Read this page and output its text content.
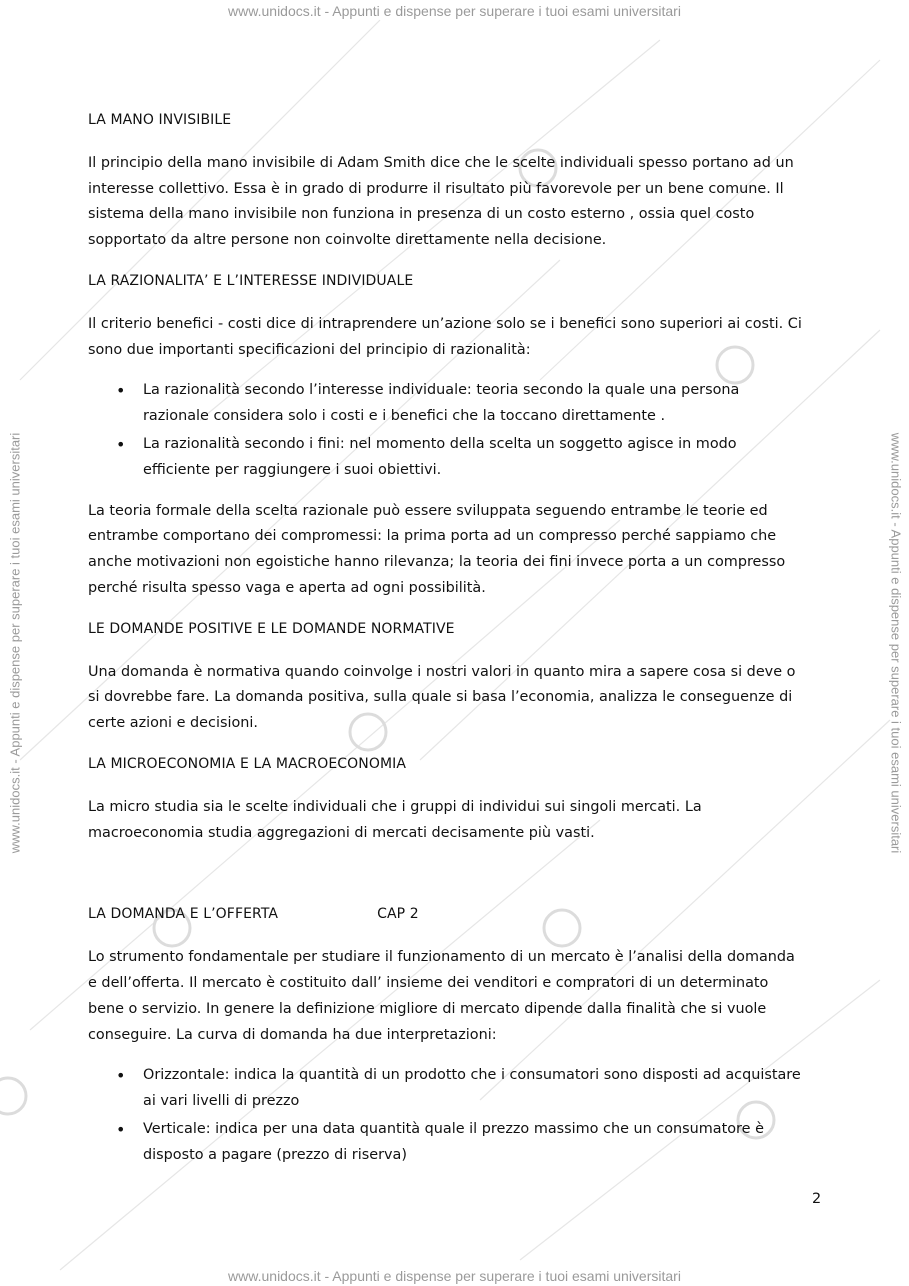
www.unidocs.it - Appunti e dispense per superare i tuoi esami universitari
www.unidocs.it - Appunti e dispense per superare i tuoi esami universitari
www.unidocs.it - Appunti e dispense per superare i tuoi esami universitari	www.unidocs.it - Appunti e dispense per superare i tuoi esami universitari
LA MANO INVISIBILE
Il principio della mano invisibile di Adam Smith dice che le scelte individuali spesso portano ad un
interesse collettivo. Essa è in grado di produrre il risultato più favorevole per un bene comune. Il
sistema della mano invisibile non funziona in presenza di un costo esterno , ossia quel costo
sopportato da altre persone non coinvolte direttamente nella decisione.
LA RAZIONALITA’ E L’INTERESSE INDIVIDUALE
Il criterio benefici - costi dice di intraprendere un’azione solo se i benefici sono superiori ai costi. Ci
sono due importanti specificazioni del principio di razionalità:
• La razionalità secondo l’interesse individuale: teoria secondo la quale una persona
razionale considera solo i costi e i benefici che la toccano direttamente .
• La razionalità secondo i fini: nel momento della scelta un soggetto agisce in modo
efficiente per raggiungere i suoi obiettivi.
La teoria formale della scelta razionale può essere sviluppata seguendo entrambe le teorie ed
entrambe comportano dei compromessi: la prima porta ad un compresso perché sappiamo che
anche motivazioni non egoistiche hanno rilevanza; la teoria dei fini invece porta a un compresso
perché risulta spesso vaga e aperta ad ogni possibilità.
LE DOMANDE POSITIVE E LE DOMANDE NORMATIVE
Una domanda è normativa quando coinvolge i nostri valori in quanto mira a sapere cosa si deve o
si dovrebbe fare. La domanda positiva, sulla quale si basa l’economia, analizza le conseguenze di
certe azioni e decisioni.
LA MICROECONOMIA E LA MACROECONOMIA
La micro studia sia le scelte individuali che i gruppi di individui sui singoli mercati. La
macroeconomia studia aggregazioni di mercati decisamente più vasti.
LA DOMANDA E L’OFFERTA	CAP 2
Lo strumento fondamentale per studiare il funzionamento di un mercato è l’analisi della domanda
e dell’offerta. Il mercato è costituito dall’ insieme dei venditori e compratori di un determinato
bene o servizio. In genere la definizione migliore di mercato dipende dalla finalità che si vuole
conseguire. La curva di domanda ha due interpretazioni:
• Orizzontale: indica la quantità di un prodotto che i consumatori sono disposti ad acquistare
ai vari livelli di prezzo
• Verticale: indica per una data quantità quale il prezzo massimo che un consumatore è
disposto a pagare (prezzo di riserva)
2
